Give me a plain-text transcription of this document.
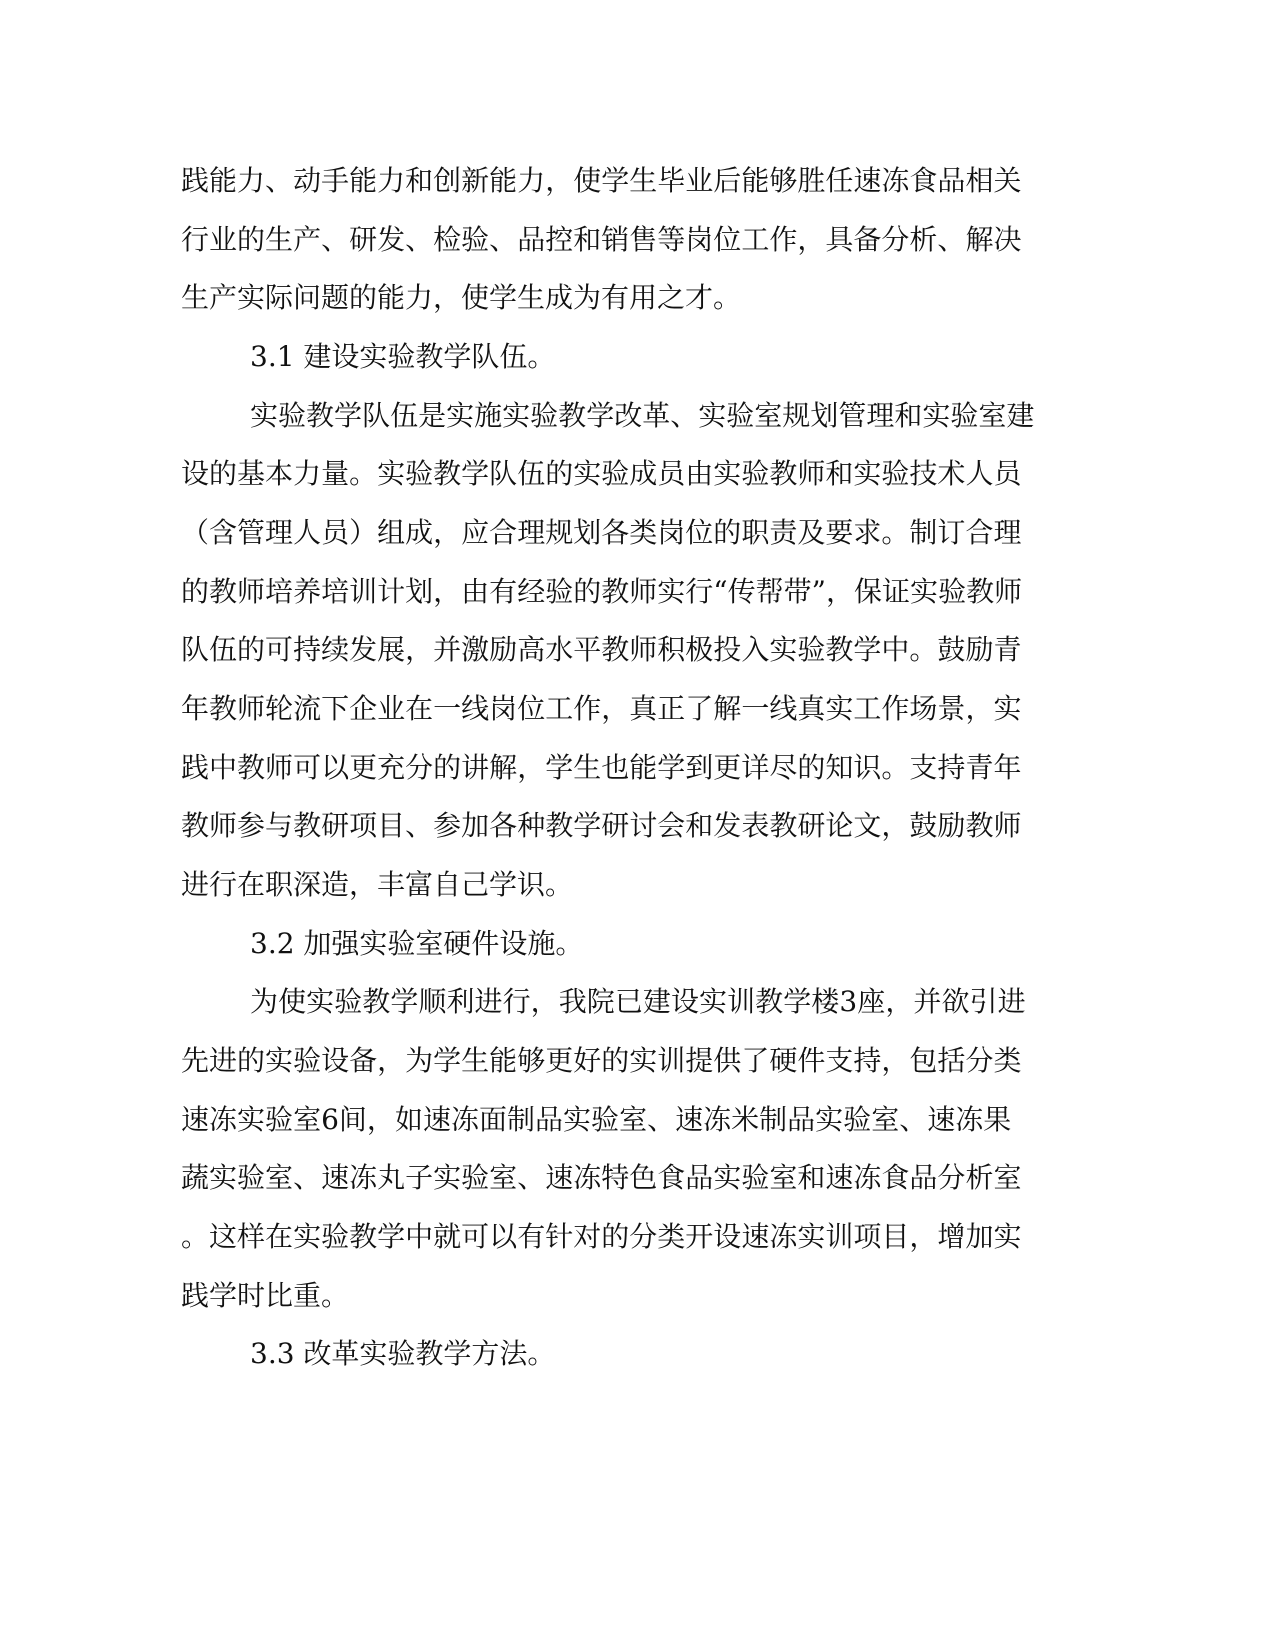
践 能 力 、 动 手 能 力 和 创 新 能 力 ， 使 学 生 毕 业 后 能 够 胜 任 速 冻 食 品 相 关
行 业 的 生 产 、 研 发 、 检 验 、 品 控 和 销 售 等 岗 位 工 作 ， 具 备 分 析 、 解 决
生产实际问题的能力，使学生成为有用之才。
3.1 建设实验教学队伍。
实 验 教 学 队 伍 是 实 施 实 验 教 学 改 革 、 实 验 室 规 划 管 理 和 实 验 室 建
设 的 基 本 力 量 。 实 验 教 学 队 伍 的 实 验 成 员 由 实 验 教 师 和 实 验 技 术 人 员
（ 含 管 理 人 员 ） 组 成 ， 应 合 理 规 划 各 类 岗 位 的 职 责 及 要 求 。 制 订 合 理
的 教 师 培 养 培 训 计 划 ， 由 有 经 验 的 教 师 实 行 “ 传 帮 带 ” ， 保 证 实 验 教 师
队 伍 的 可 持 续 发 展 ， 并 激 励 高 水 平 教 师 积 极 投 入 实 验 教 学 中 。 鼓 励 青
年 教 师 轮 流 下 企 业 在 一 线 岗 位 工 作 ， 真 正 了 解 一 线 真 实 工 作 场 景 ， 实
践 中 教 师 可 以 更 充 分 的 讲 解 ， 学 生 也 能 学 到 更 详 尽 的 知 识 。 支 持 青 年
教 师 参 与 教 研 项 目 、 参 加 各 种 教 学 研 讨 会 和 发 表 教 研 论 文 ， 鼓 励 教 师
进行在职深造，丰富自己学识。
3.2 加强实验室硬件设施。
为 使 实 验 教 学 顺 利 进 行 ， 我 院 已 建 设 实 训 教 学 楼 3 座 ， 并 欲 引 进
先 进 的 实 验 设 备 ， 为 学 生 能 够 更 好 的 实 训 提 供 了 硬 件 支 持 ， 包 括 分 类
速 冻 实 验 室 6 间 ， 如 速 冻 面 制 品 实 验 室 、 速 冻 米 制 品 实 验 室 、 速 冻 果
蔬 实 验 室 、 速 冻 丸 子 实 验 室 、 速 冻 特 色 食 品 实 验 室 和 速 冻 食 品 分 析 室
。 这 样 在 实 验 教 学 中 就 可 以 有 针 对 的 分 类 开 设 速 冻 实 训 项 目 ， 增 加 实
践学时比重。
3.3 改革实验教学方法。
